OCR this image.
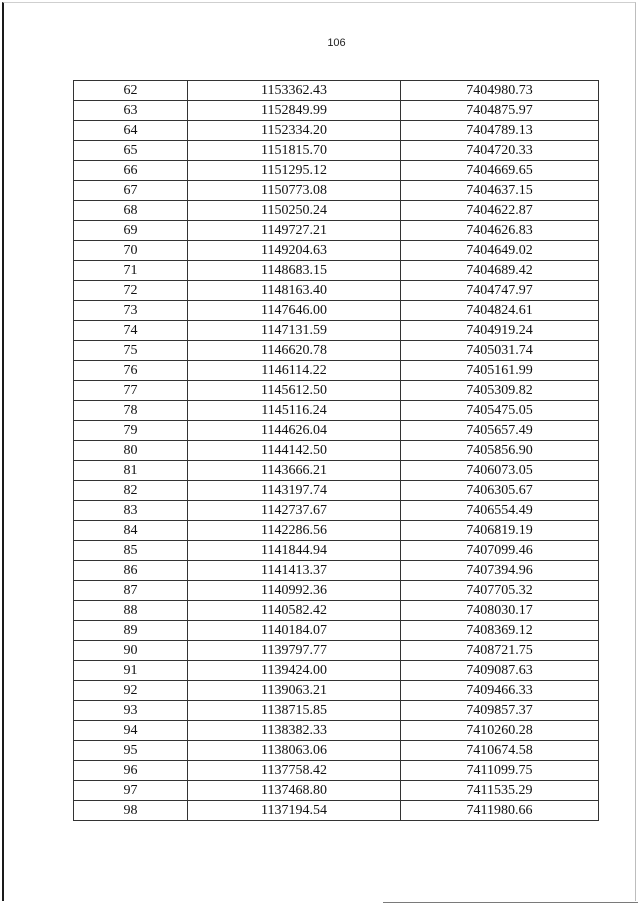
106
62	1153362.43	7404980.73
63	1152849.99	7404875.97
64	1152334.20	7404789.13
65	1151815.70	7404720.33
66	1151295.12	7404669.65
67	1150773.08	7404637.15
68	1150250.24	7404622.87
69	1149727.21	7404626.83
70	1149204.63	7404649.02
71	1148683.15	7404689.42
72	1148163.40	7404747.97
73	1147646.00	7404824.61
74	1147131.59	7404919.24
75	1146620.78	7405031.74
76	1146114.22	7405161.99
77	1145612.50	7405309.82
78	1145116.24	7405475.05
79	1144626.04	7405657.49
80	1144142.50	7405856.90
81	1143666.21	7406073.05
82	1143197.74	7406305.67
83	1142737.67	7406554.49
84	1142286.56	7406819.19
85	1141844.94	7407099.46
86	1141413.37	7407394.96
87	1140992.36	7407705.32
88	1140582.42	7408030.17
89	1140184.07	7408369.12
90	1139797.77	7408721.75
91	1139424.00	7409087.63
92	1139063.21	7409466.33
93	1138715.85	7409857.37
94	1138382.33	7410260.28
95	1138063.06	7410674.58
96	1137758.42	7411099.75
97	1137468.80	7411535.29
98	1137194.54	7411980.66
